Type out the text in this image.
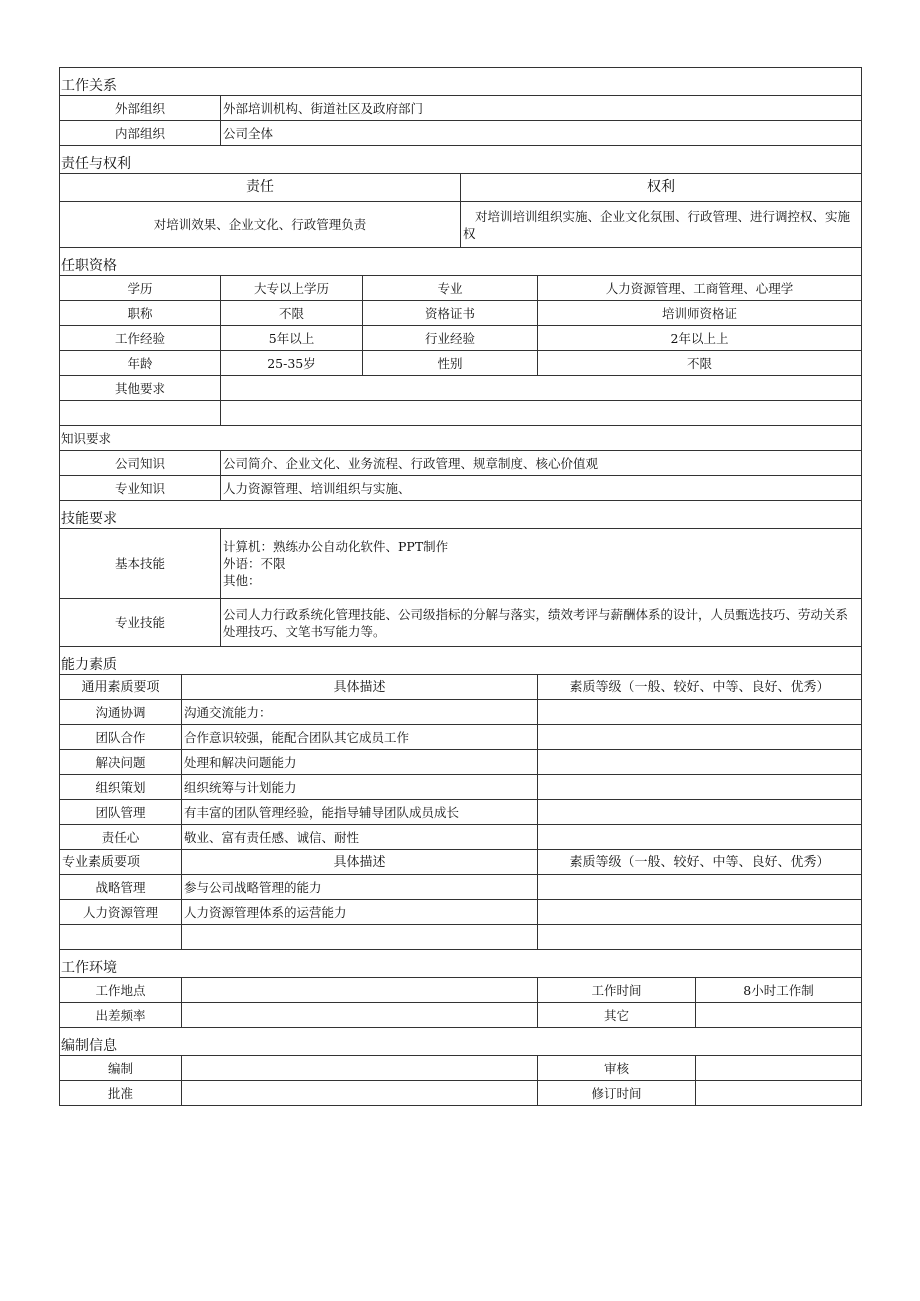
工作关系		
外部组织	外部培训机构、街道社区及政府部门	
内部组织	公司全体	
责任与权利		
责任		权利
对培训效果、企业文化、行政管理负责		对培训培训组织实施、企业文化氛围、行政管理、进行调控权、实施权
任职资格			
学历	大专以上学历	专业	人力资源管理、工商管理、心理学
职称	不限	资格证书	培训师资格证
工作经验	5年以上	行业经验	2年以上上
年龄	25-35岁	性别	不限
其他要求			

知识要求			
公司知识	公司简介、企业文化、业务流程、行政管理、规章制度、核心价值观		
专业知识	人力资源管理、培训组织与实施、		
技能要求			
基本技能	计算机：熟练办公自动化软件、PPT制作
外语：不限
其他：		

专业技能	公司人力行政系统化管理技能、公司级指标的分解与落实，绩效考评与薪酬体系的设计，人员甄选技巧、劳动关系处理技巧、文笔书写能力等。		
能力素质			
通用素质要项	具体描述	素质等级（一般、较好、中等、良好、优秀）	
沟通协调	沟通交流能力：		
团队合作	合作意识较强，能配合团队其它成员工作		
解决问题	处理和解决问题能力		
组织策划	组织统筹与计划能力		
团队管理	有丰富的团队管理经验，能指导辅导团队成员成长		
责任心	敬业、富有责任感、诚信、耐性		
专业素质要项	具体描述	素质等级（一般、较好、中等、良好、优秀）	
战略管理	参与公司战略管理的能力		
人力资源管理	人力资源管理体系的运营能力		

工作环境			
工作地点		工作时间	8小时工作制
出差频率		其它	
编制信息			
编制		审核	
批准		修订时间	
